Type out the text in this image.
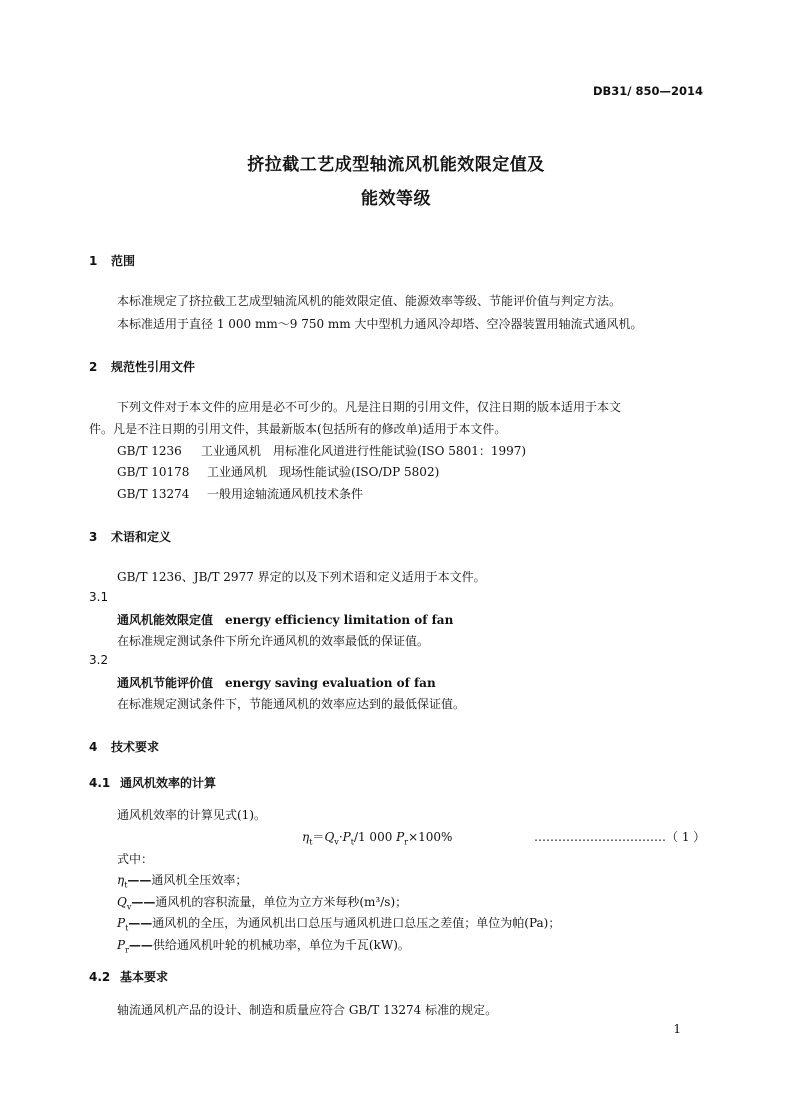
DB31/ 850—2014
挤拉截工艺成型轴流风机能效限定值及
能效等级
1 范围
本标准规定了挤拉截工艺成型轴流风机的能效限定值、能源效率等级、节能评价值与判定方法。
本标准适用于直径 1 000 mm～9 750 mm 大中型机力通风冷却塔、空冷器装置用轴流式通风机。
2 规范性引用文件
下列文件对于本文件的应用是必不可少的。凡是注日期的引用文件，仅注日期的版本适用于本文
件。凡是不注日期的引用文件，其最新版本(包括所有的修改单)适用于本文件。
GB/T 1236 工业通风机　用标准化风道进行性能试验(ISO 5801：1997)
GB/T 10178 工业通风机　现场性能试验(ISO/DP 5802)
GB/T 13274 一般用途轴流通风机技术条件
3 术语和定义
GB/T 1236、JB/T 2977 界定的以及下列术语和定义适用于本文件。
3.1
通风机能效限定值 energy efficiency limitation of fan
在标准规定测试条件下所允许通风机的效率最低的保证值。
3.2
通风机节能评价值 energy saving evaluation of fan
在标准规定测试条件下，节能通风机的效率应达到的最低保证值。
4 技术要求
4.1 通风机效率的计算
通风机效率的计算见式(1)。
$\eta_t=Q_v\cdot P_t/1$ 000 $P_r\times 100\%$	……………………………（ 1 ）
式中：
$\eta_t——$通风机全压效率；
$Q_v——$通风机的容积流量，单位为立方米每秒(m³/s)；
$P_t——$通风机的全压，为通风机出口总压与通风机进口总压之差值；单位为帕(Pa)；
$P_r——$供给通风机叶轮的机械功率，单位为千瓦(kW)。
4.2 基本要求
轴流通风机产品的设计、制造和质量应符合 GB/T 13274 标准的规定。
1
